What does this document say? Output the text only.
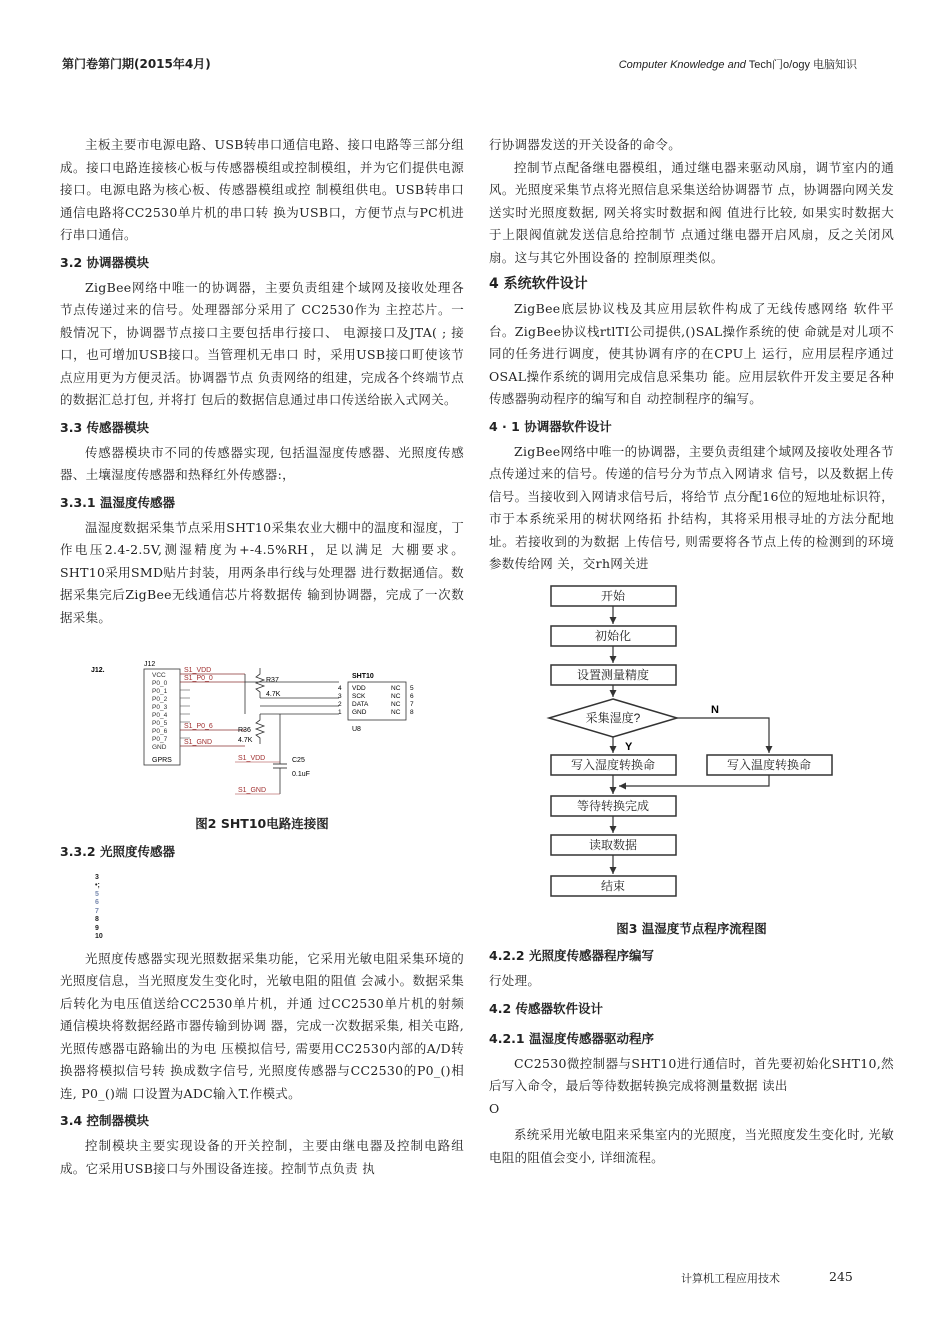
第门卷第门期(2015年4月)	Computer Knowledge and Tech门o/ogy 电脑知识

主板主要市电源电路、USB转串口通信电路、接口电路等三部分组成。接口电路连接核心板与传感器模组或控制模组，并为它们提供电源接口。电源电路为核心板、传感器模组或控 制模组供电。USB转串口通信电路将CC2530单片机的串口转 换为USB口，方便节点与PC机进行串口通信。

3.2 协调器模块

ZigBee网络中唯一的协调器，主要负责组建个域网及接收处理各节点传递过来的信号。处理器部分采用了 CC2530作为 主控芯片。一般情况下，协调器节点接口主要包括串行接口、 电源接口及JTA( ; 接口，也可增加USB接口。当管理机无串口 时，采用USB接口町使该节点应用更为方便灵活。协调器节点 负责网络的组建，完成各个终端节点的数据汇总打包, 并将打 包后的数据信息通过串口传送给嵌入式网关。

3.3 传感器模块

传感器模块市不同的传感器实现, 包括温湿度传感器、光照度传感器、土壤湿度传感器和热释红外传感器:，

3.3.1 温湿度传感器

温湿度数据采集节点采用SHT10采集农业大棚中的温度和湿度，丁作电压2.4-2.5V,测湿精度为+-4.5%RH，足以满足 大棚要求。SHT10采用SMD贴片封装，用两条串行线与处理器 进行数据通信。数据采集完后ZigBee无线通信芯片将数据传 输到协调器，完成了一次数据采集。

J12.
J12
VCC
P0_0
P0_1
P0_2
P0_3
P0_4
P0_5
P0_6
P0_7
GND
GPRS
S1_VDD
S1_P0_0
S1_P0_6
S1_GND
R37
4.7K
R36
4.7K
SHT10
4
3
2
1
VDD
SCK
DATA
GND
NC
NC
NC
NC
5
6
7
8
U8
S1_VDD
S1_GND
C25
0.1uF
图2 SHT10电路连接图
3.3.2 光照度传感器
3
•;
5
6
7
8
9
10

光照度传感器实现光照数据采集功能，它采用光敏电阻采集环境的光照度信息，当光照度发生变化时，光敏电阻的阻值 会减小。数据采集后转化为电压值送给CC2530单片机，并通 过CC2530单片机的射频通信模块将数据经路市器传输到协调 器，完成一次数据采集, 相关屯路, 光照传感器屯路输出的为电 压模拟信号, 需要用CC2530内部的A/D转换器将模拟信号转 换成数字信号, 光照度传感器与CC2530的P0_()相连, P0_()端 口设置为ADC输入T.作模式。

3.4 控制器模块

控制模块主要实现设备的开关控制，主要由继电器及控制电路组成。它采用USB接口与外围设备连接。控制节点负责 执

行协调器发送的开关设备的命令。

控制节点配备继电器模组，通过继电器来驱动风扇，调节室内的通风。光照度采集节点将光照信息采集送给协调器节 点，协调器向网关发送实时光照度数据, 网关将实时数据和阀 值进行比较, 如果实时数据大于上限阀值就发送信息给控制节 点通过继电器开启风扇，反之关闭风扇。这与其它外围设备的 控制原理类似。

4 系统软件设计

ZigBee底层协议栈及其应用层软件构成了无线传感网络 软件平台。ZigBee协议栈rtlTI公司提供,()SAL操作系统的使 命就是对儿项不同的任务进行调度，使其协调有序的在CPU上 运行，应用层程序通过OSAL操作系统的调用完成信息采集功 能。应用层软件开发主要足各种传感器驹动程序的编写和自 动控制程序的编写。

4 · 1 协调器软件设计

ZigBee网络中唯一的协调器，主要负责组建个域网及接收处理各节点传递过来的信号。传递的信号分为节点入网请求 信号，以及数据上传信号。当接收到入网请求信号后，将给节 点分配16位的短地址标识符，市于本系统采用的树状网络拓 扑结构，其将采用根寻址的方法分配地址。若接收到的为数据 上传信号, 则需要将各节点上传的检测到的环境参数传给网 关，交rh网关进

开始
初始化
设置测量精度
采集湿度?
写入湿度转换命	写入温度转换命
等待转换完成
读取数据
结束
Y
N
图3 温湿度节点程序流程图
4.2.2 光照度传感器程序编写

行处理。

4.2 传感器软件设计
4.2.1 温湿度传感器驱动程序

CC2530微控制器与SHT10进行通信时，首先要初始化SHT10,然后写入命令，最后等待数据转换完成将测量数据 读出

O

系统采用光敏电阻来采集室内的光照度，当光照度发生变化时, 光敏电阻的阻值会变小, 详细流程。

计算机工程应用技术	245
